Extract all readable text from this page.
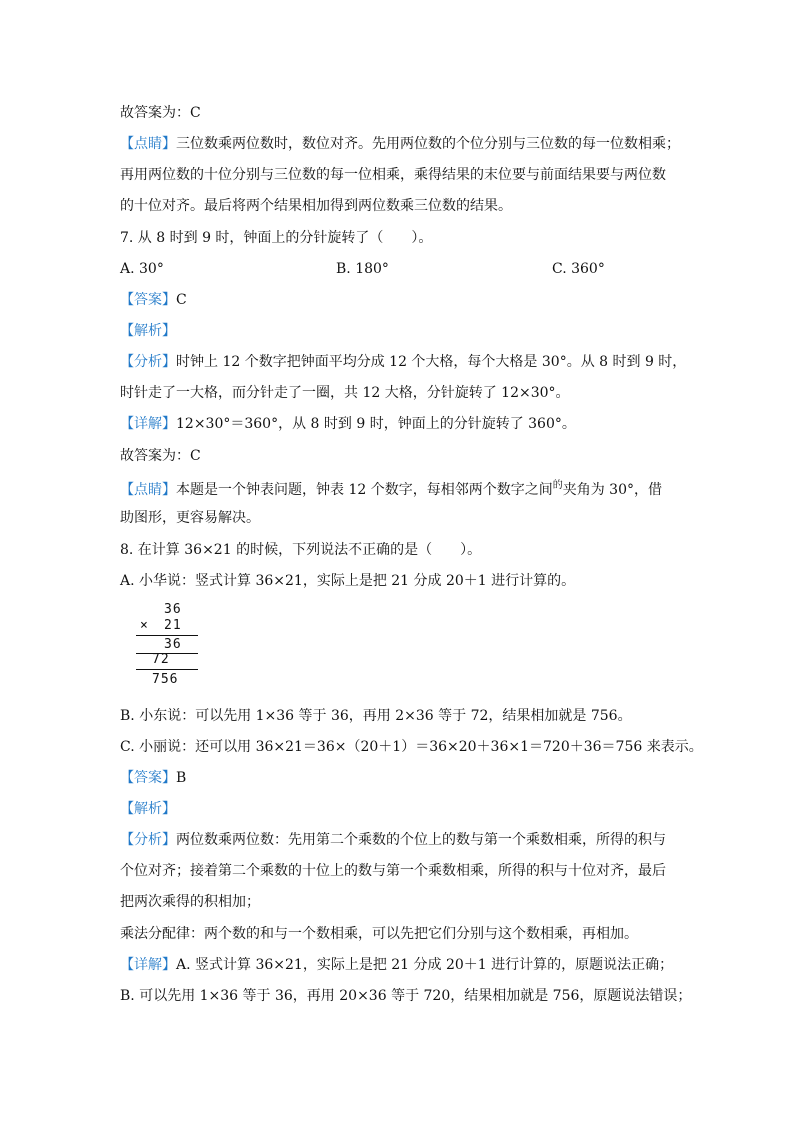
故答案为：C
【点睛】三位数乘两位数时，数位对齐。先用两位数的个位分别与三位数的每一位数相乘；
再用两位数的十位分别与三位数的每一位相乘，乘得结果的末位要与前面结果要与两位数
的十位对齐。最后将两个结果相加得到两位数乘三位数的结果。
7. 从 8 时到 9 时，钟面上的分针旋转了（　　）。
A. 30°	B. 180°	C. 360°
【答案】C
【解析】
【分析】时钟上 12 个数字把钟面平均分成 12 个大格，每个大格是 30°。从 8 时到 9 时，
时针走了一大格，而分针走了一圈，共 12 大格，分针旋转了 12×30°。
【详解】12×30°＝360°，从 8 时到 9 时，钟面上的分针旋转了 360°。
故答案为：C
【点睛】本题是一个钟表问题，钟表 12 个数字，每相邻两个数字之间$^的$夹角为 30°，借
助图形，更容易解决。
8. 在计算 36×21 的时候，下列说法不正确的是（　　）。
A. 小华说：竖式计算 36×21，实际上是把 21 分成 20＋1 进行计算的。
36
× 21
36
72
756
B. 小东说：可以先用 1×36 等于 36，再用 2×36 等于 72，结果相加就是 756。
C. 小丽说：还可以用 36×21＝36×（20＋1）＝36×20＋36×1＝720＋36＝756 来表示。
【答案】B
【解析】
【分析】两位数乘两位数：先用第二个乘数的个位上的数与第一个乘数相乘，所得的积与
个位对齐；接着第二个乘数的十位上的数与第一个乘数相乘，所得的积与十位对齐，最后
把两次乘得的积相加；
乘法分配律：两个数的和与一个数相乘，可以先把它们分别与这个数相乘，再相加。
【详解】A. 竖式计算 36×21，实际上是把 21 分成 20＋1 进行计算的，原题说法正确；
B. 可以先用 1×36 等于 36，再用 20×36 等于 720，结果相加就是 756，原题说法错误；
